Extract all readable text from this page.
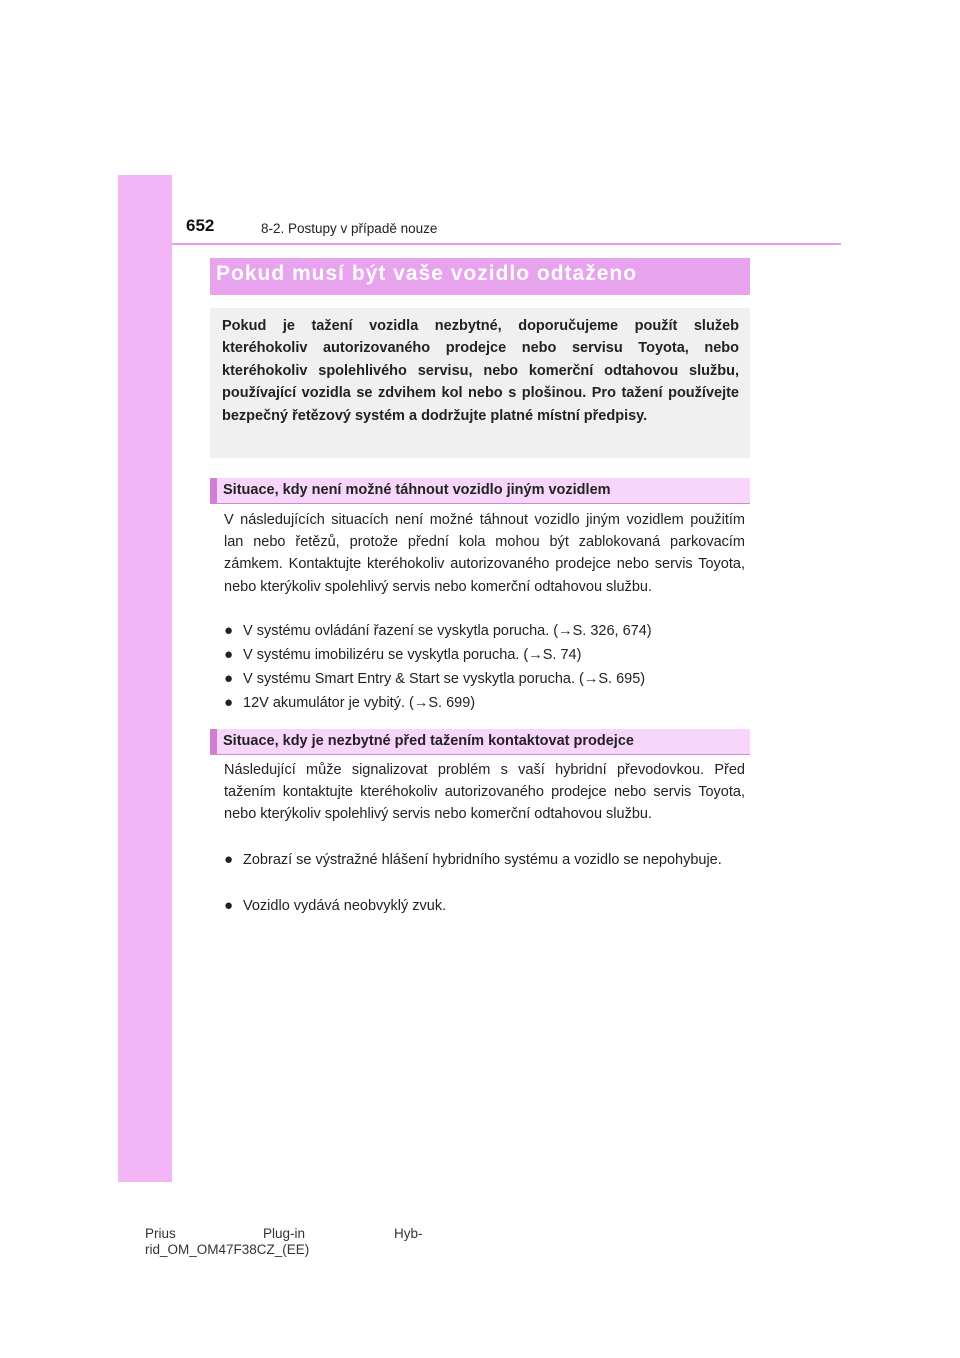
652	8-2. Postupy v případě nouze
Pokud musí být vaše vozidlo odtaženo
Pokud je tažení vozidla nezbytné, doporučujeme použít služeb kteréhokoliv autorizovaného prodejce nebo servisu Toyota, nebo kteréhokoliv spolehlivého servisu, nebo komerční odtahovou službu, používající vozidla se zdvihem kol nebo s plošinou. Pro tažení používejte bezpečný řetězový systém a dodržujte platné místní předpisy.
Situace, kdy není možné táhnout vozidlo jiným vozidlem
V následujících situacích není možné táhnout vozidlo jiným vozidlem použitím lan nebo řetězů, protože přední kola mohou být zablokovaná parkovacím zámkem. Kontaktujte kteréhokoliv autorizovaného prodejce nebo servis Toyota, nebo kterýkoliv spolehlivý servis nebo komerční odtahovou službu.
● V systému ovládání řazení se vyskytla porucha. (→S. 326, 674)
● V systému imobilizéru se vyskytla porucha. (→S. 74)
● V systému Smart Entry & Start se vyskytla porucha. (→S. 695)
● 12V akumulátor je vybitý. (→S. 699)
Situace, kdy je nezbytné před tažením kontaktovat prodejce
Následující může signalizovat problém s vaší hybridní převodovkou. Před tažením kontaktujte kteréhokoliv autorizovaného prodejce nebo servis Toyota, nebo kterýkoliv spolehlivý servis nebo komerční odtahovou službu.
● Zobrazí se výstražné hlášení hybridního systému a vozidlo se nepohybuje.
● Vozidlo vydává neobvyklý zvuk.
Prius	Plug-in	Hyb-
rid_OM_OM47F38CZ_(EE)
